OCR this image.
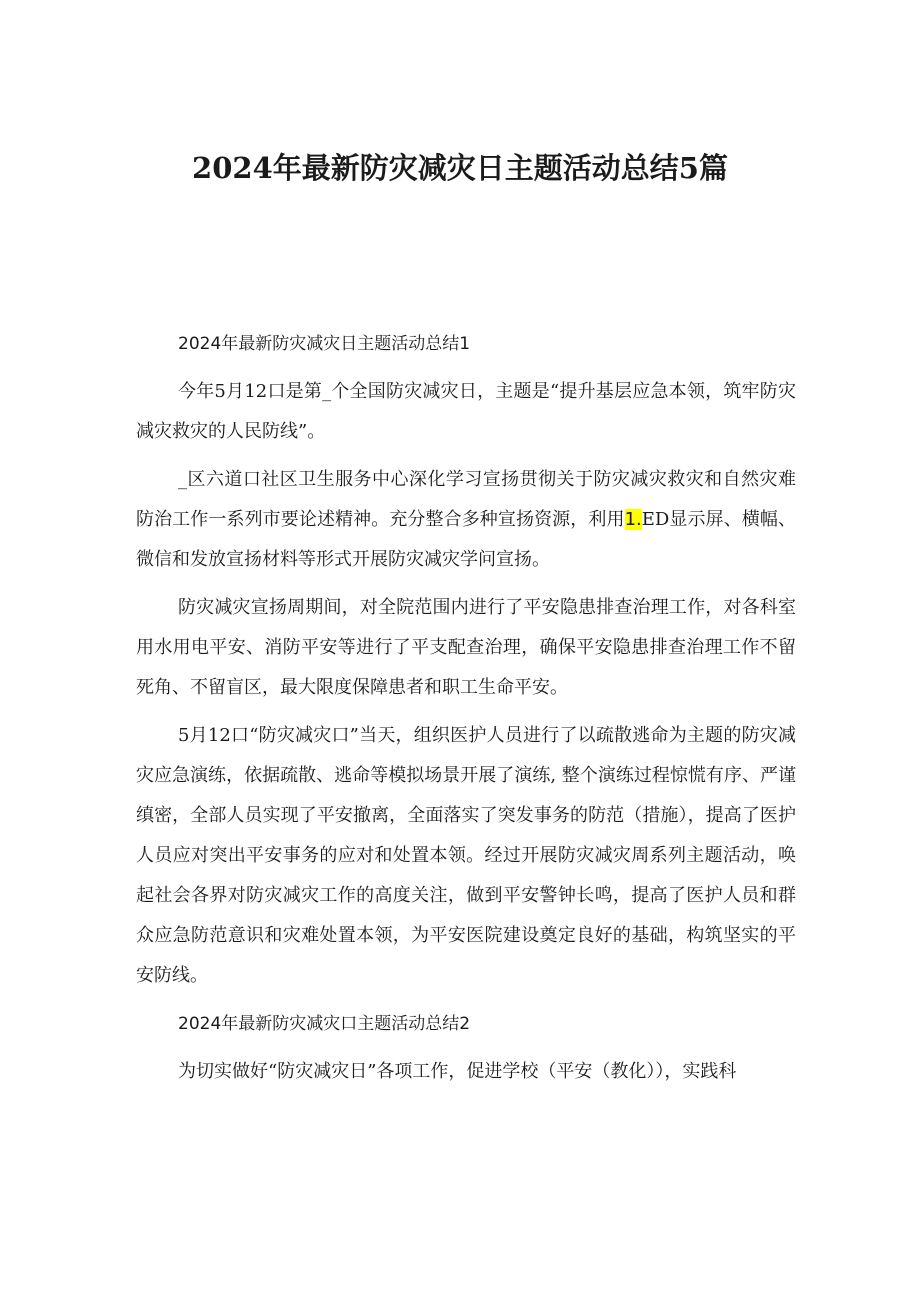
2024年最新防灾减灾日主题活动总结5篇

2024年最新防灾减灾日主题活动总结1

今年5月12口是第_个全国防灾减灾日，主题是“提升基层应急本领，筑牢防灾减灾救灾的人民防线”。

_区六道口社区卫生服务中心深化学习宣扬贯彻关于防灾减灾救灾和自然灾难防治工作一系列市要论述精神。充分整合多种宣扬资源，利用1.ED显示屏、横幅、微信和发放宣扬材料等形式开展防灾减灾学问宣扬。

防灾减灾宣扬周期间，对全院范围内进行了平安隐患排查治理工作，对各科室用水用电平安、消防平安等进行了平支配查治理，确保平安隐患排查治理工作不留死角、不留盲区，最大限度保障患者和职工生命平安。

5月12口“防灾减灾口”当天，组织医护人员进行了以疏散逃命为主题的防灾减灾应急演练，依据疏散、逃命等模拟场景开展了演练, 整个演练过程惊慌有序、严谨缜密，全部人员实现了平安撤离，全面落实了突发事务的防范（措施），提高了医护人员应对突出平安事务的应对和处置本领。经过开展防灾减灾周系列主题活动，唤起社会各界对防灾减灾工作的高度关注，做到平安警钟长鸣，提高了医护人员和群众应急防范意识和灾难处置本领，为平安医院建设奠定良好的基础，构筑坚实的平安防线。

2024年最新防灾减灾口主题活动总结2

为切实做好“防灾减灾日”各项工作，促进学校（平安（教化）），实践科
